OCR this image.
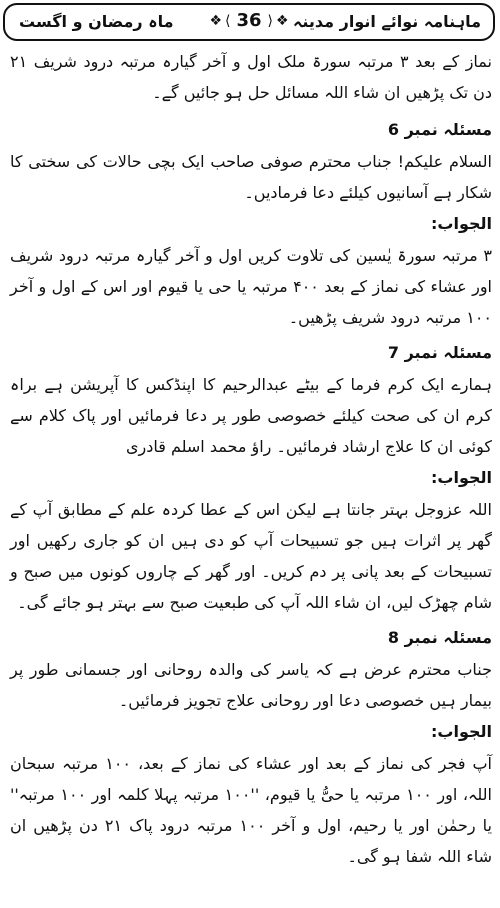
ماہنامہ نوائے انوار مدینہ
❖ ⟨ 36 ⟩ ❖
ماہ رمضان و اگست

نماز کے بعد ۳ مرتبہ سورۃ ملک اول و آخر گیارہ مرتبہ درود شریف ۲۱ دن تک پڑھیں ان شاء اللہ مسائل حل ہو جائیں گے۔

مسئلہ نمبر 6

السلام علیکم! جناب محترم صوفی صاحب ایک بچی حالات کی سختی کا شکار ہے آسانیوں کیلئے دعا فرمادیں۔

الجواب:

۳ مرتبہ سورۃ یٰسین کی تلاوت کریں اول و آخر گیارہ مرتبہ درود شریف اور عشاء کی نماز کے بعد ۴۰۰ مرتبہ یا حی یا قیوم اور اس کے اول و آخر ۱۰۰ مرتبہ درود شریف پڑھیں۔

مسئلہ نمبر 7

ہمارے ایک کرم فرما کے بیٹے عبدالرحیم کا اپنڈکس کا آپریشن ہے براہ کرم ان کی صحت کیلئے خصوصی طور پر دعا فرمائیں اور پاک کلام سے کوئی ان کا علاج ارشاد فرمائیں۔ راؤ محمد اسلم قادری

الجواب:

اللہ عزوجل بہتر جانتا ہے لیکن اس کے عطا کردہ علم کے مطابق آپ کے گھر پر اثرات ہیں جو تسبیحات آپ کو دی ہیں ان کو جاری رکھیں اور تسبیحات کے بعد پانی پر دم کریں۔ اور گھر کے چاروں کونوں میں صبح و شام چھڑک لیں، ان شاء اللہ آپ کی طبعیت صبح سے بہتر ہو جائے گی۔

مسئلہ نمبر 8

جناب محترم عرض ہے کہ یاسر کی والدہ روحانی اور جسمانی طور پر بیمار ہیں خصوصی دعا اور روحانی علاج تجویز فرمائیں۔

الجواب:

آپ فجر کی نماز کے بعد اور عشاء کی نماز کے بعد، ۱۰۰ مرتبہ سبحان اللہ، اور ۱۰۰ مرتبہ یا حیُّ یا قیوم، ''۱۰۰ مرتبہ پہلا کلمہ اور ۱۰۰ مرتبہ'' یا رحمٰن اور یا رحیم، اول و آخر ۱۰۰ مرتبہ درود پاک ۲۱ دن پڑھیں ان شاء اللہ شفا ہو گی۔
